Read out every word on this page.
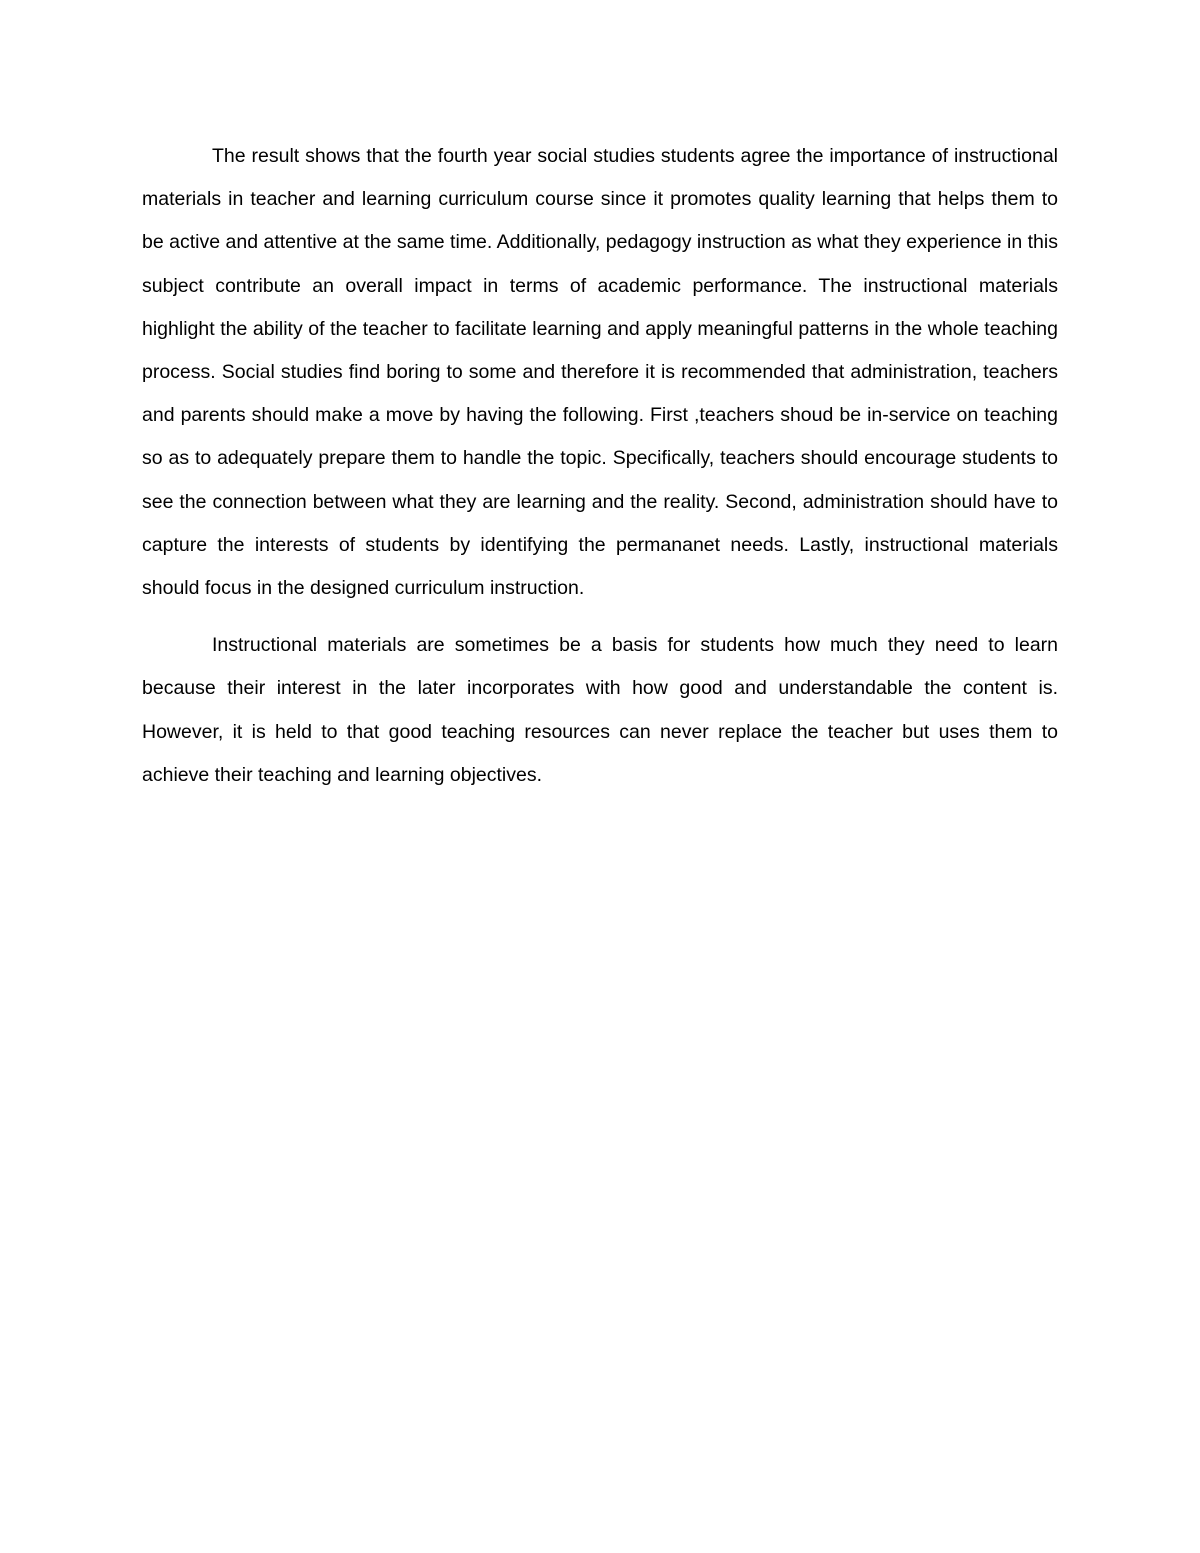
The result shows that the fourth year social studies students agree the importance of instructional materials in teacher and learning curriculum course since it promotes quality learning that helps them to be active and attentive at the same time. Additionally, pedagogy instruction as what they experience in this subject contribute an overall impact in terms of academic performance. The instructional materials highlight the ability of the teacher to facilitate learning and apply meaningful patterns in the whole teaching process. Social studies find boring to some and therefore it is recommended that administration, teachers and parents should make a move by having the following. First ,teachers shoud be in-service on teaching so as to adequately prepare them to handle the topic. Specifically, teachers should encourage students to see the connection between what they are learning and the reality. Second, administration should have to capture the interests of students by identifying the permananet needs. Lastly, instructional materials should focus in the designed curriculum instruction.

Instructional materials are sometimes be a basis for students how much they need to learn because their interest in the later incorporates with how good and understandable the content is. However, it is held to that good teaching resources can never replace the teacher but uses them to achieve their teaching and learning objectives.
